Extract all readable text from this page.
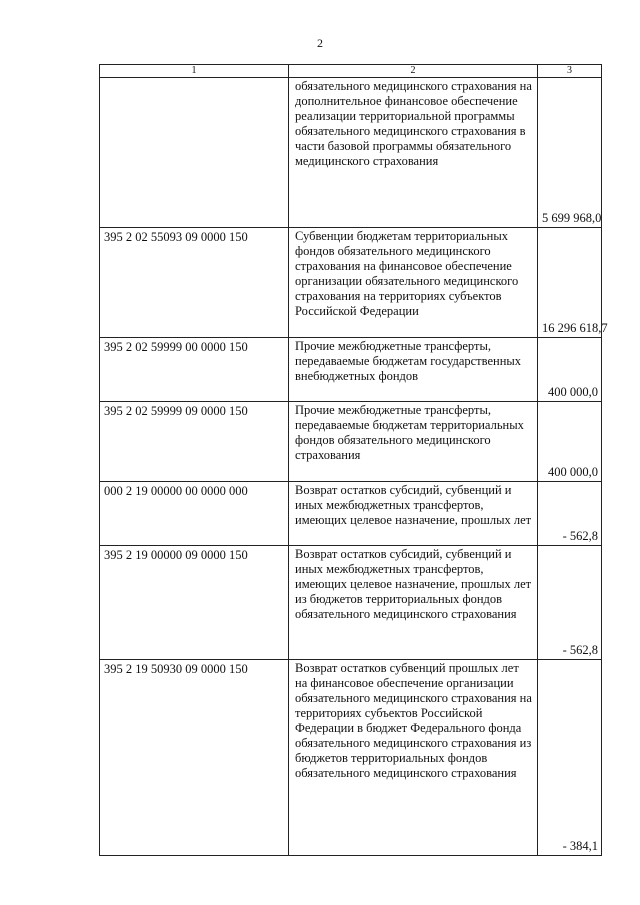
2
1	2	3
	обязательного медицинского страхования на дополнительное финансовое обеспечение реализации территориальной программы обязательного медицинского страхования в части базовой программы обязательного медицинского страхования	5 699 968,0
395 2 02 55093 09 0000 150	Субвенции бюджетам территориальных фондов обязательного медицинского страхования на финансовое обеспечение организации обязательного медицинского страхования на территориях субъектов Российской Федерации	16 296 618,7
395 2 02 59999 00 0000 150	Прочие межбюджетные трансферты, передаваемые бюджетам государственных внебюджетных фондов	400 000,0
395 2 02 59999 09 0000 150	Прочие межбюджетные трансферты, передаваемые бюджетам территориальных фондов обязательного медицинского страхования	400 000,0
000 2 19 00000 00 0000 000	Возврат остатков субсидий, субвенций и иных межбюджетных трансфертов, имеющих целевое назначение, прошлых лет	- 562,8
395 2 19 00000 09 0000 150	Возврат остатков субсидий, субвенций и иных межбюджетных трансфертов, имеющих целевое назначение, прошлых лет из бюджетов территориальных фондов обязательного медицинского страхования	- 562,8
395 2 19 50930 09 0000 150	Возврат остатков субвенций прошлых лет на финансовое обеспечение организации обязательного медицинского страхования на территориях субъектов Российской Федерации в бюджет Федерального фонда обязательного медицинского страхования из бюджетов территориальных фондов обязательного медицинского страхования	- 384,1
